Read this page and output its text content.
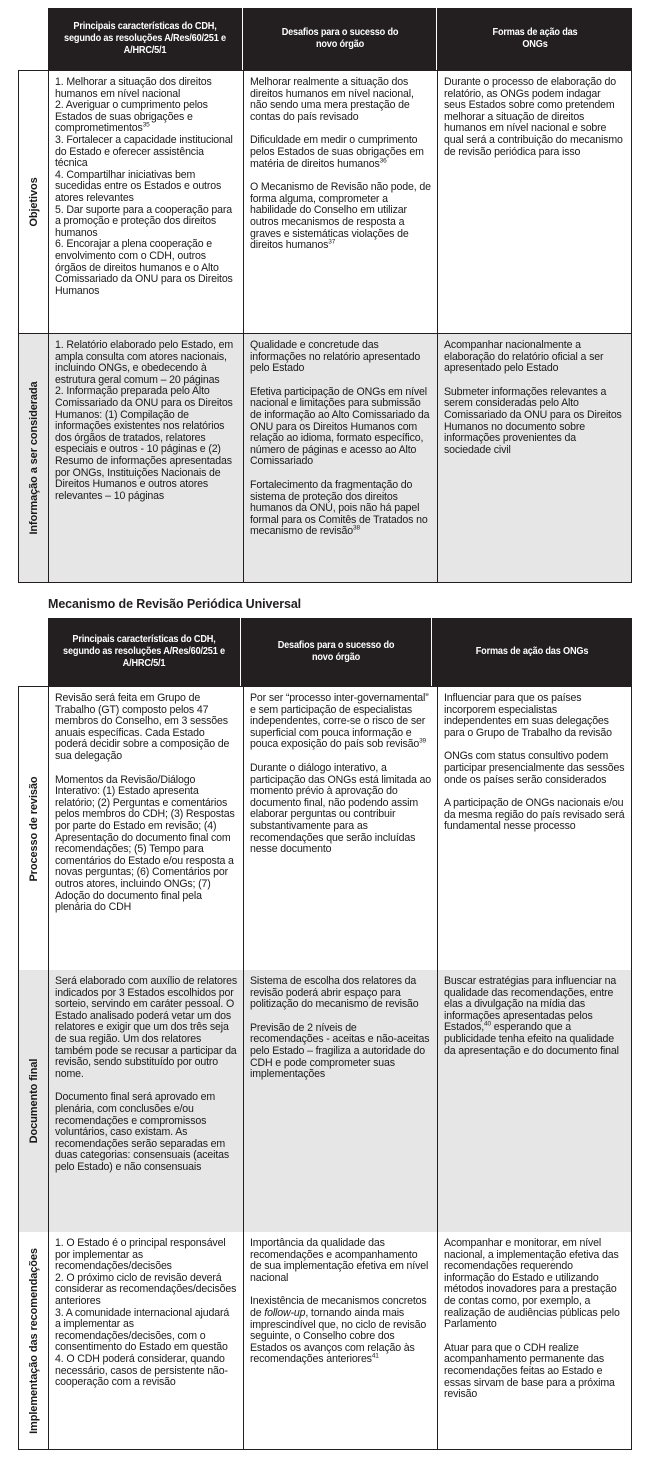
Principais características do CDH, segundo as resoluções A/Res/60/251 e A/HRC/5/1
Desafios para o sucesso do novo órgão
Formas de ação das ONGs
Objetivos
1. Melhorar a situação dos direitos humanos em nível nacional
2. Averiguar o cumprimento pelos Estados de suas obrigações e comprometimentos$^{35}$
3. Fortalecer a capacidade institucional do Estado e oferecer assistência técnica
4. Compartilhar iniciativas bem sucedidas entre os Estados e outros atores relevantes
5. Dar suporte para a cooperação para a promoção e proteção dos direitos humanos
6. Encorajar a plena cooperação e envolvimento com o CDH, outros órgãos de direitos humanos e o Alto Comissariado da ONU para os Direitos Humanos

Melhorar realmente a situação dos direitos humanos em nível nacional, não sendo uma mera prestação de contas do país revisado

Dificuldade em medir o cumprimento pelos Estados de suas obrigações em matéria de direitos humanos$^{36}$

O Mecanismo de Revisão não pode, de forma alguma, comprometer a habilidade do Conselho em utilizar outros mecanismos de resposta a graves e sistemáticas violações de direitos humanos$^{37}$

Durante o processo de elaboração do relatório, as ONGs podem indagar seus Estados sobre como pretendem melhorar a situação de direitos humanos em nível nacional e sobre qual será a contribuição do mecanismo de revisão periódica para isso

Informação a ser considerada
1. Relatório elaborado pelo Estado, em ampla consulta com atores nacionais, incluindo ONGs, e obedecendo à estrutura geral comum – 20 páginas
2. Informação preparada pelo Alto Comissariado da ONU para os Direitos Humanos: (1) Compilação de informações existentes nos relatórios dos órgãos de tratados, relatores especiais e outros - 10 páginas e (2) Resumo de informações apresentadas por ONGs, Instituições Nacionais de Direitos Humanos e outros atores relevantes – 10 páginas

Qualidade e concretude das informações no relatório apresentado pelo Estado

Efetiva participação de ONGs em nível nacional e limitações para submissão de informação ao Alto Comissariado da ONU para os Direitos Humanos com relação ao idioma, formato específico, número de páginas e acesso ao Alto Comissariado

Fortalecimento da fragmentação do sistema de proteção dos direitos humanos da ONU, pois não há papel formal para os Comitês de Tratados no mecanismo de revisão$^{38}$

Acompanhar nacionalmente a elaboração do relatório oficial a ser apresentado pelo Estado

Submeter informações relevantes a serem consideradas pelo Alto Comissariado da ONU para os Direitos Humanos no documento sobre informações provenientes da sociedade civil

Mecanismo de Revisão Periódica Universal
Principais características do CDH, segundo as resoluções A/Res/60/251 e A/HRC/5/1
Desafios para o sucesso do novo órgão
Formas de ação das ONGs
Processo de revisão

Revisão será feita em Grupo de Trabalho (GT) composto pelos 47 membros do Conselho, em 3 sessões anuais específicas. Cada Estado poderá decidir sobre a composição de sua delegação

Momentos da Revisão/Diálogo Interativo: (1) Estado apresenta relatório; (2) Perguntas e comentários pelos membros do CDH; (3) Respostas por parte do Estado em revisão; (4) Apresentação do documento final com recomendações; (5) Tempo para comentários do Estado e/ou resposta a novas perguntas; (6) Comentários por outros atores, incluindo ONGs; (7) Adoção do documento final pela plenária do CDH

Por ser “processo inter-governamental” e sem participação de especialistas independentes, corre-se o risco de ser superficial com pouca informação e pouca exposição do país sob revisão$^{39}$

Durante o diálogo interativo, a participação das ONGs está limitada ao momento prévio à aprovação do documento final, não podendo assim elaborar perguntas ou contribuir substantivamente para as recomendações que serão incluídas nesse documento

Influenciar para que os países incorporem especialistas independentes em suas delegações para o Grupo de Trabalho da revisão

ONGs com status consultivo podem participar presencialmente das sessões onde os países serão considerados

A participação de ONGs nacionais e/ou da mesma região do país revisado será fundamental nesse processo

Documento final

Será elaborado com auxílio de relatores indicados por 3 Estados escolhidos por sorteio, servindo em caráter pessoal. O Estado analisado poderá vetar um dos relatores e exigir que um dos três seja de sua região. Um dos relatores também pode se recusar a participar da revisão, sendo substituído por outro nome.

Documento final será aprovado em plenária, com conclusões e/ou recomendações e compromissos voluntários, caso existam. As recomendações serão separadas em duas categorias: consensuais (aceitas pelo Estado) e não consensuais

Sistema de escolha dos relatores da revisão poderá abrir espaço para politização do mecanismo de revisão

Previsão de 2 níveis de recomendações - aceitas e não-aceitas pelo Estado – fragiliza a autoridade do CDH e pode comprometer suas implementações

Buscar estratégias para influenciar na qualidade das recomendações, entre elas a divulgação na mídia das informações apresentadas pelos Estados,$^{40}$ esperando que a publicidade tenha efeito na qualidade da apresentação e do documento final

Implementação das recomendações
1. O Estado é o principal responsável por implementar as recomendações/decisões
2. O próximo ciclo de revisão deverá considerar as recomendações/decisões anteriores
3. A comunidade internacional ajudará a implementar as recomendações/decisões, com o consentimento do Estado em questão
4. O CDH poderá considerar, quando necessário, casos de persistente não-cooperação com a revisão

Importância da qualidade das recomendações e acompanhamento de sua implementação efetiva em nível nacional

Inexistência de mecanismos concretos de follow-up, tornando ainda mais imprescindível que, no ciclo de revisão seguinte, o Conselho cobre dos Estados os avanços com relação às recomendações anteriores$^{41}$

Acompanhar e monitorar, em nível nacional, a implementação efetiva das recomendações requerendo informação do Estado e utilizando métodos inovadores para a prestação de contas como, por exemplo, a realização de audiências públicas pelo Parlamento

Atuar para que o CDH realize acompanhamento permanente das recomendações feitas ao Estado e essas sirvam de base para a próxima revisão
